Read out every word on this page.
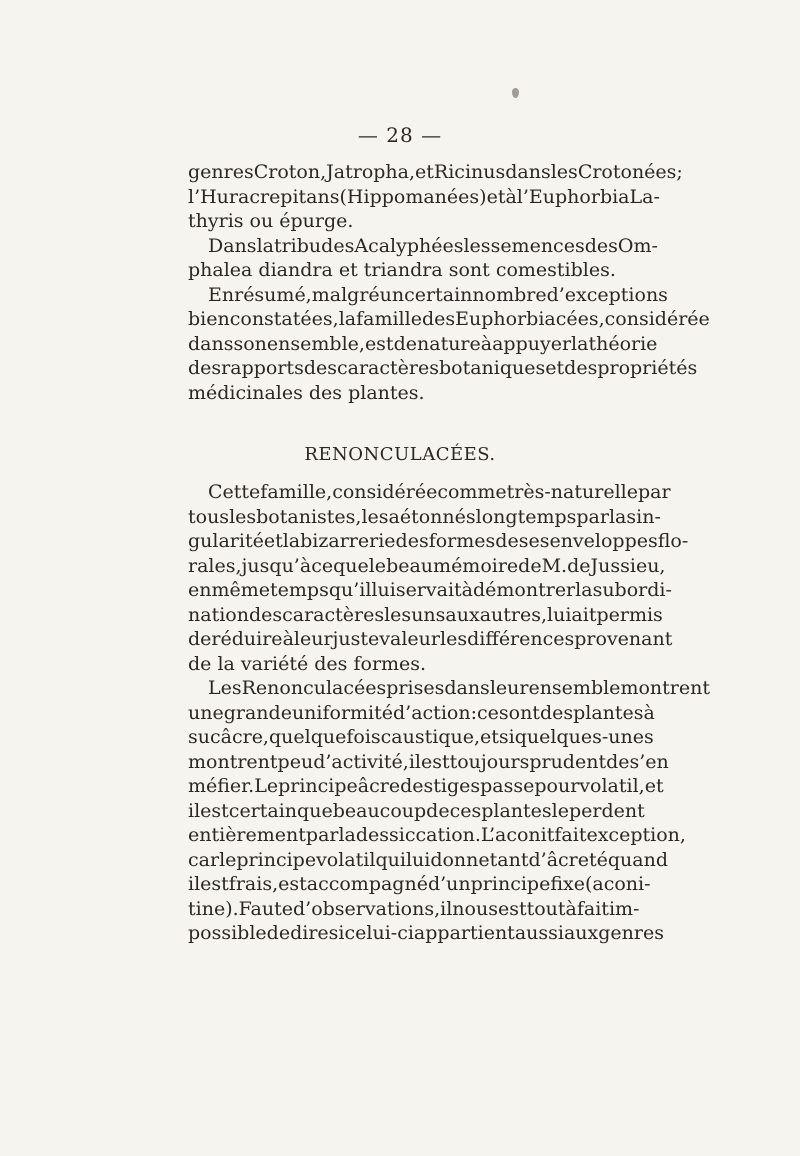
— 28 —
genres Croton, Jatropha, et Ricinus dans les Crotonées ;
l’Hura crepitans (Hippomanées) et à l’Euphorbia La-
thyris ou épurge.
Dans la tribu des Acalyphées les semences des Om-
phalea diandra et triandra sont comestibles.
En résumé, malgré un certain nombre d’exceptions
bien constatées, la famille des Euphorbiacées, considérée
dans son ensemble, est de nature à appuyer la théorie
des rapports des caractères botaniques et des propriétés
médicinales des plantes.
RENONCULACÉES.
Cette famille, considérée comme très-naturelle par
tous les botanistes, les a étonnés longtemps par la sin-
gularité et la bizarrerie des formes de ses enveloppes flo-
rales, jusqu’à ce que le beau mémoire de M. de Jussieu,
en même temps qu’il lui servait à démontrer la subordi-
nation des caractères les uns aux autres, lui ait permis
de réduire à leur juste valeur les différences provenant
de la variété des formes.
Les Renonculacées prises dans leur ensemble montrent
une grande uniformité d’action : ce sont des plantes à
suc âcre, quelquefois caustique, et si quelques-unes
montrent peu d’activité, il est toujours prudent de s’en
méfier. Le principe âcre des tiges passe pour volatil, et
il est certain que beaucoup de ces plantes le perdent
entièrement par la dessiccation. L’aconit fait exception,
car le principe volatil qui lui donne tant d’âcreté quand
il est frais, est accompagné d’un principe fixe (aconi-
tine). Faute d’observations, il nous est tout à fait im-
possible de dire si celui-ci appartient aussi aux genres
